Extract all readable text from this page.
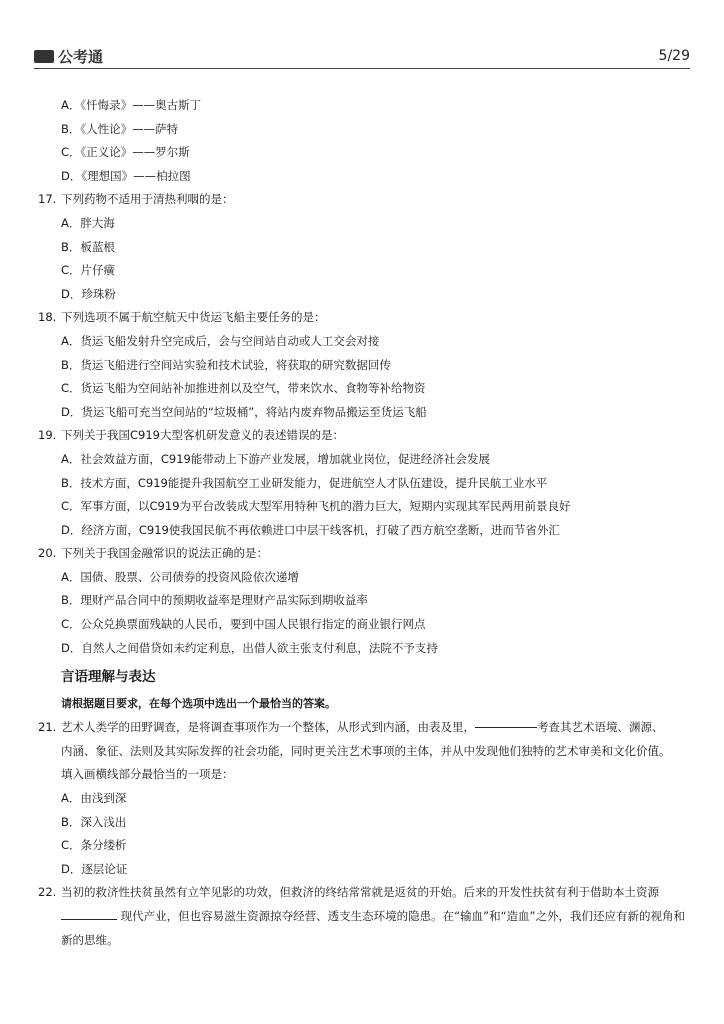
公考通	5/29
A．《忏悔录》——奥古斯丁
B．《人性论》——萨特
C．《正义论》——罗尔斯
D．《理想国》——柏拉图
17. 下列药物不适用于清热利咽的是：
A．胖大海
B．板蓝根
C．片仔癀
D．珍珠粉
18. 下列选项不属于航空航天中货运飞船主要任务的是：
A．货运飞船发射升空完成后，会与空间站自动或人工交会对接
B．货运飞船进行空间站实验和技术试验，将获取的研究数据回传
C．货运飞船为空间站补加推进剂以及空气，带来饮水、食物等补给物资
D．货运飞船可充当空间站的“垃圾桶”，将站内废弃物品搬运至货运飞船
19. 下列关于我国C919大型客机研发意义的表述错误的是：
A．社会效益方面，C919能带动上下游产业发展，增加就业岗位，促进经济社会发展
B．技术方面，C919能提升我国航空工业研发能力，促进航空人才队伍建设，提升民航工业水平
C．军事方面，以C919为平台改装成大型军用特种飞机的潜力巨大，短期内实现其军民两用前景良好
D．经济方面，C919使我国民航不再依赖进口中层干线客机，打破了西方航空垄断，进而节省外汇
20. 下列关于我国金融常识的说法正确的是：
A．国债、股票、公司债券的投资风险依次递增
B．理财产品合同中的预期收益率是理财产品实际到期收益率
C．公众兑换票面残缺的人民币，要到中国人民银行指定的商业银行网点
D．自然人之间借贷如未约定利息，出借人欲主张支付利息，法院不予支持
言语理解与表达
请根据题目要求，在每个选项中选出一个最恰当的答案。
21. 艺术人类学的田野调查，是将调查事项作为一个整体，从形式到内涵，由表及里，	考查其艺术语境、渊源、
内涵、象征、法则及其实际发挥的社会功能，同时更关注艺术事项的主体，并从中发现他们独特的艺术审美和文化价值。
填入画横线部分最恰当的一项是：
A．由浅到深
B．深入浅出
C．条分缕析
D．逐层论证
22. 当初的救济性扶贫虽然有立竿见影的功效，但救济的终结常常就是返贫的开始。后来的开发性扶贫有利于借助本土资源
现代产业，但也容易滋生资源掠夺经营、透支生态环境的隐患。在“输血”和“造血”之外，我们还应有新的视角和
新的思维。
